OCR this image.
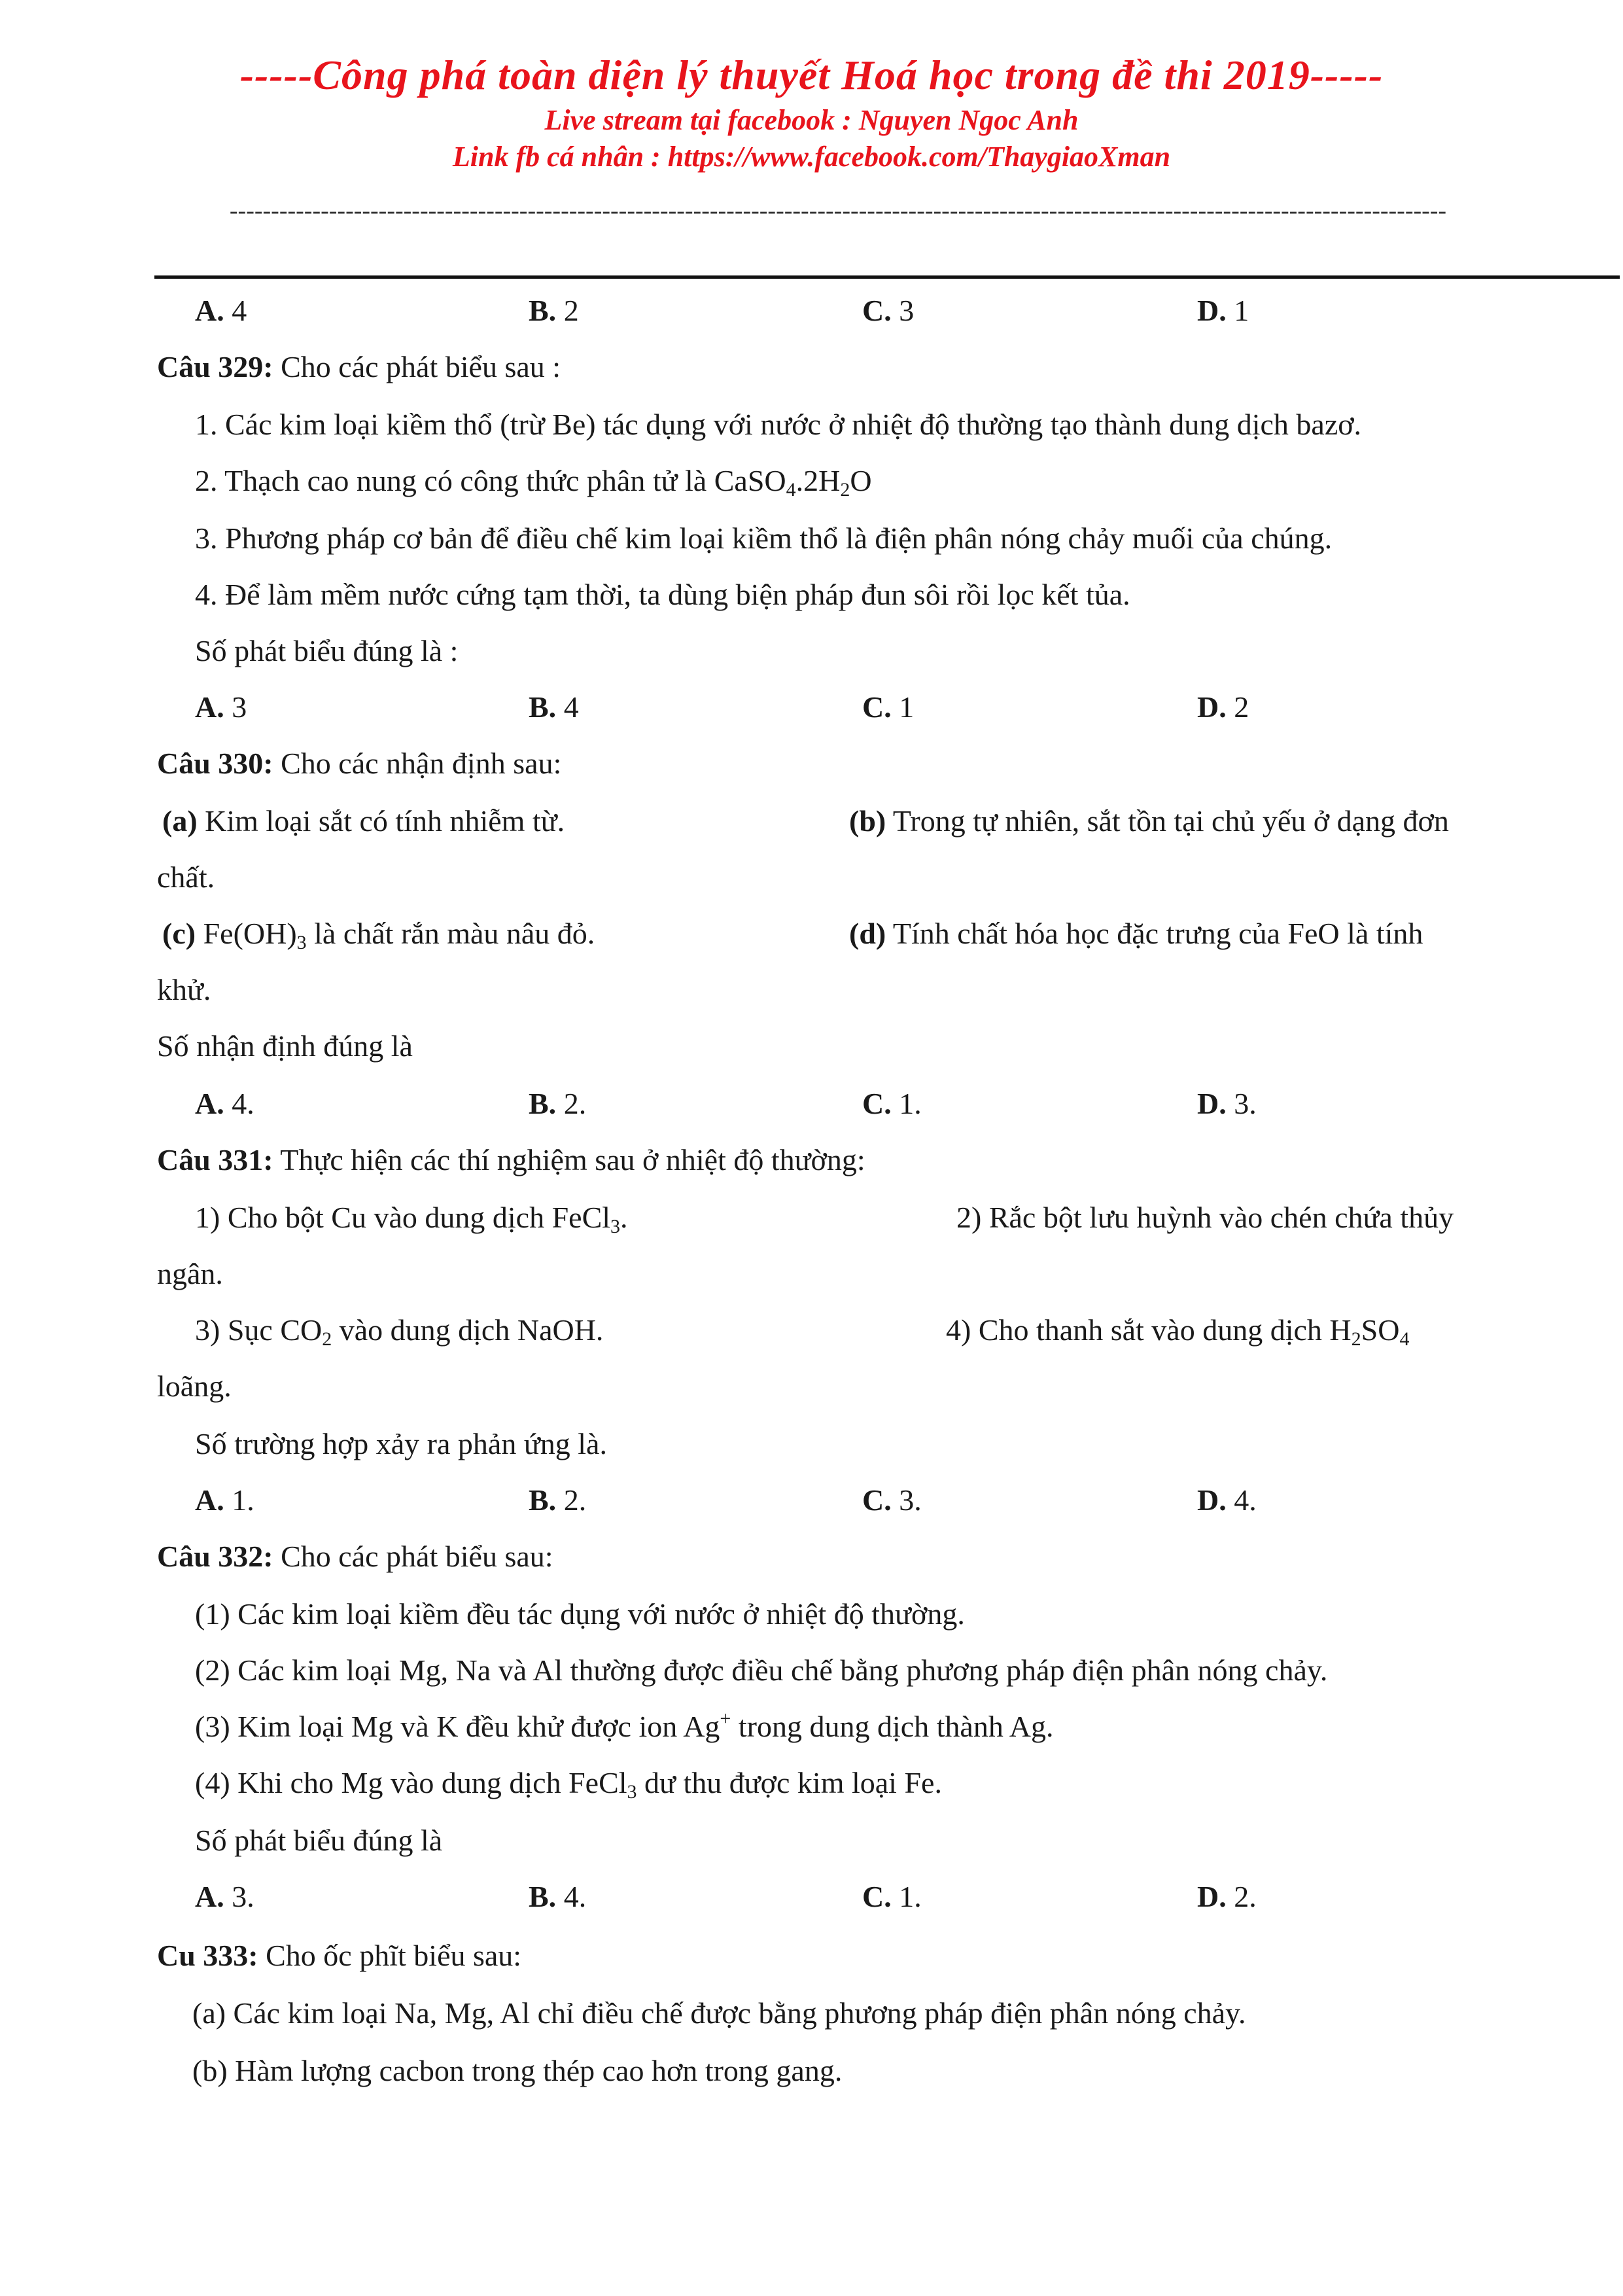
-----Công phá toàn diện lý thuyết Hoá học trong đề thi 2019-----
Live stream tại facebook : Nguyen Ngoc Anh
Link fb cá nhân : https://www.facebook.com/ThaygiaoXman
---------------------------------------------------------------------------------------------------------------------------------------------------
A. 4	B. 2	C. 3	D. 1
Câu 329: Cho các phát biểu sau :
1. Các kim loại kiềm thổ (trừ Be) tác dụng với nước ở nhiệt độ thường tạo thành dung dịch bazơ.
2. Thạch cao nung có công thức phân tử là $CaSO_4.2H_2O$
3. Phương pháp cơ bản để điều chế kim loại kiềm thổ là điện phân nóng chảy muối của chúng.
4. Để làm mềm nước cứng tạm thời, ta dùng biện pháp đun sôi rồi lọc kết tủa.
Số phát biểu đúng là :
A. 3	B. 4	C. 1	D. 2
Câu 330: Cho các nhận định sau:
(a) Kim loại sắt có tính nhiễm từ.	(b) Trong tự nhiên, sắt tồn tại chủ yếu ở dạng đơn
chất.
(c) $Fe(OH)_3$ là chất rắn màu nâu đỏ.	(d) Tính chất hóa học đặc trưng của FeO là tính
khử.
Số nhận định đúng là
A. 4.	B. 2.	C. 1.	D. 3.
Câu 331: Thực hiện các thí nghiệm sau ở nhiệt độ thường:
1) Cho bột Cu vào dung dịch FeCl$_3$.	2) Rắc bột lưu huỳnh vào chén chứa thủy
ngân.
3) Sục $CO_2$ vào dung dịch NaOH.	4) Cho thanh sắt vào dung dịch $H_2SO_4$
loãng.
Số trường hợp xảy ra phản ứng là.
A. 1.	B. 2.	C. 3.	D. 4.
Câu 332: Cho các phát biểu sau:
(1) Các kim loại kiềm đều tác dụng với nước ở nhiệt độ thường.
(2) Các kim loại Mg, Na và Al thường được điều chế bằng phương pháp điện phân nóng chảy.
(3) Kim loại Mg và K đều khử được ion Ag+ trong dung dịch thành Ag.
(4) Khi cho Mg vào dung dịch FeCl$_3$ dư thu được kim loại Fe.
Số phát biểu đúng là
A. 3.	B. 4.	C. 1.	D. 2.
Cu 333: Cho ốc phĩt biểu sau:
(a) Các kim loại Na, Mg, Al chỉ điều chế được bằng phương pháp điện phân nóng chảy.
(b) Hàm lượng cacbon trong thép cao hơn trong gang.
